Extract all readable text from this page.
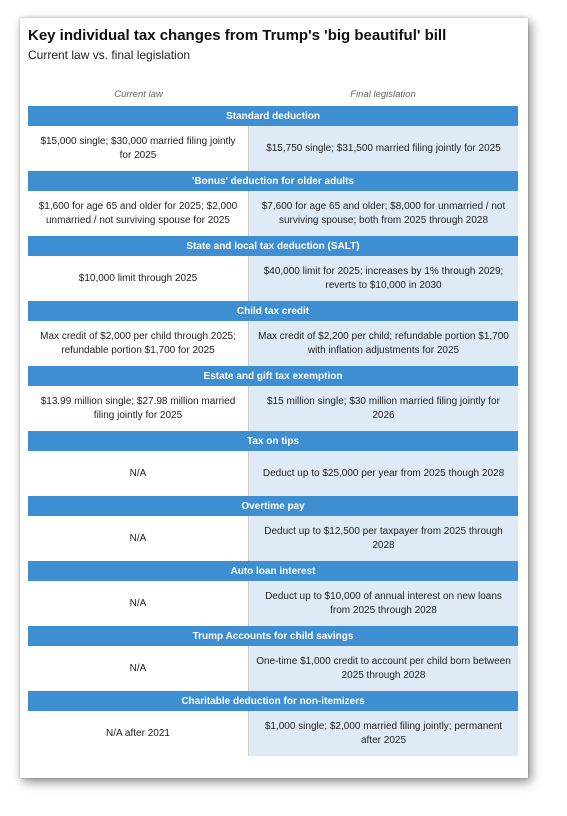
Key individual tax changes from Trump's 'big beautiful' bill
Current law vs. final legislation
Current law	Final legislation
Standard deduction
$15,000 single; $30,000 married filing jointly for 2025
$15,750 single; $31,500 married filing jointly for 2025
'Bonus' deduction for older adults
$1,600 for age 65 and older for 2025; $2,000 unmarried / not surviving spouse for 2025
$7,600 for age 65 and older; $8,000 for unmarried / not surviving spouse; both from 2025 through 2028
State and local tax deduction (SALT)
$10,000 limit through 2025
$40,000 limit for 2025; increases by 1% through 2029; reverts to $10,000 in 2030
Child tax credit
Max credit of $2,000 per child through 2025; refundable portion $1,700 for 2025
Max credit of $2,200 per child; refundable portion $1,700 with inflation adjustments for 2025
Estate and gift tax exemption
$13.99 million single; $27.98 million married filing jointly for 2025
$15 million single; $30 million married filing jointly for 2026
Tax on tips
N/A	Deduct up to $25,000 per year from 2025 though 2028
Overtime pay
N/A
Deduct up to $12,500 per taxpayer from 2025 through 2028
Auto loan interest
N/A
Deduct up to $10,000 of annual interest on new loans from 2025 through 2028
Trump Accounts for child savings
N/A
One-time $1,000 credit to account per child born between 2025 through 2028
Charitable deduction for non-itemizers
N/A after 2021
$1,000 single; $2,000 married filing jointly; permanent after 2025
